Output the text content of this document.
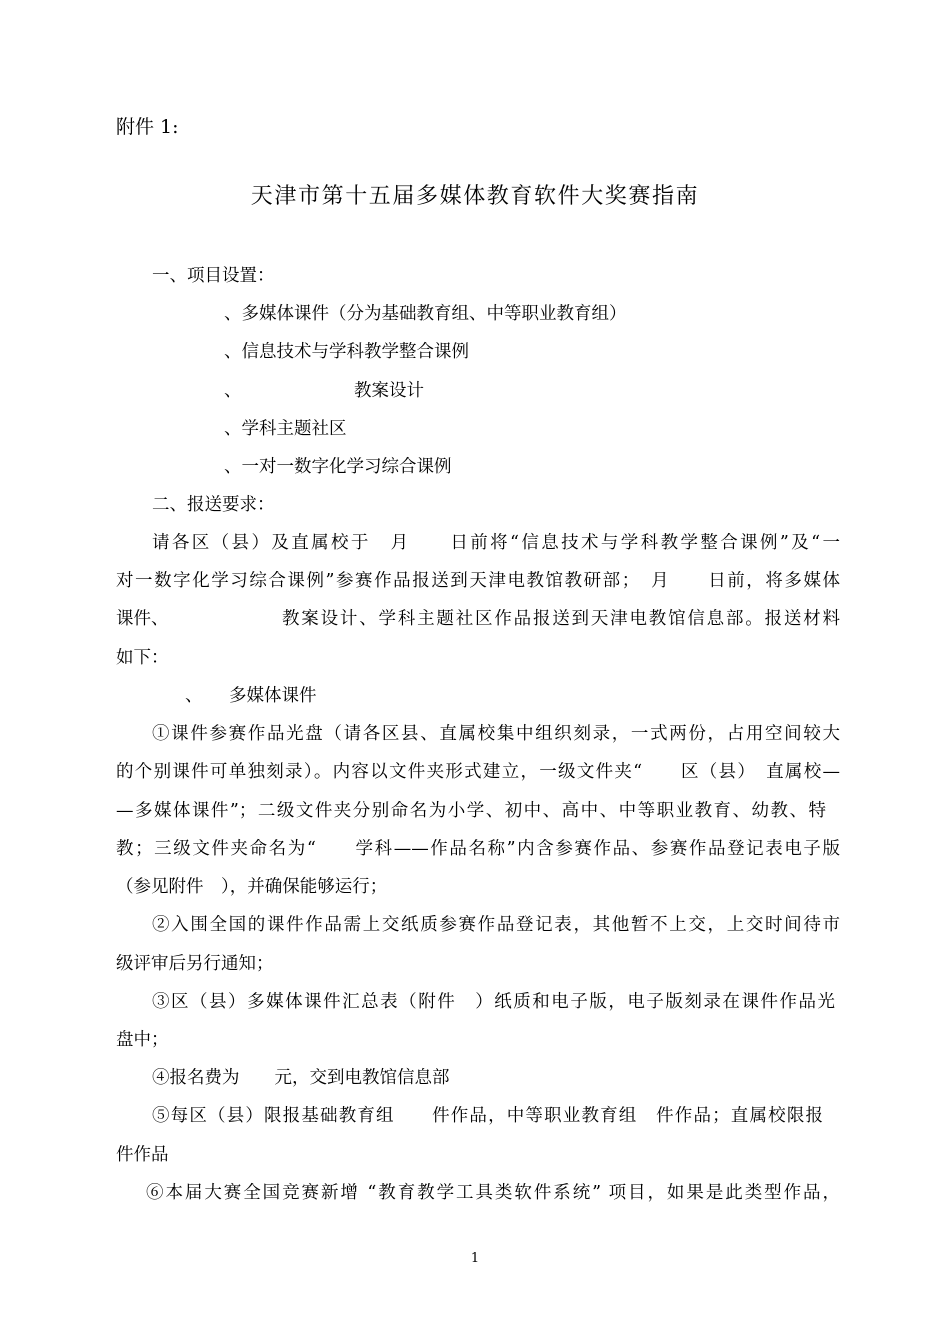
附件 1:
天津市第十五届多媒体教育软件大奖赛指南
一、项目设置：
、多媒体课件（分为基础教育组、中等职业教育组）
、信息技术与学科教学整合课例
、	教案设计
、学科主题社区
、一对一数字化学习综合课例
二、报送要求：
请各区（县）及直属校于　月　　日前将“信息技术与学科教学整合课例”及“一
对一数字化学习综合课例”参赛作品报送到天津电教馆教研部；　月　　日前，将多媒体
课件、	教案设计、学科主题社区作品报送到天津电教馆信息部。报送材料
如下：
、 多媒体课件
①课件参赛作品光盘（请各区县、直属校集中组织刻录，一式两份，占用空间较大
的个别课件可单独刻录）。内容以文件夹形式建立，一级文件夹“　　区（县）　直属校—
—多媒体课件”；二级文件夹分别命名为小学、初中、高中、中等职业教育、幼教、特
教；三级文件夹命名为“　　学科——作品名称”内含参赛作品、参赛作品登记表电子版
（参见附件　），并确保能够运行；
②入围全国的课件作品需上交纸质参赛作品登记表，其他暂不上交，上交时间待市
级评审后另行通知；
③区（县）多媒体课件汇总表（附件　）纸质和电子版，电子版刻录在课件作品光
盘中；
④报名费为　　元，交到电教馆信息部
⑤每区（县）限报基础教育组　　件作品，中等职业教育组　件作品；直属校限报
件作品
⑥本届大赛全国竞赛新增 “教育教学工具类软件系统” 项目，如果是此类型作品，
1
